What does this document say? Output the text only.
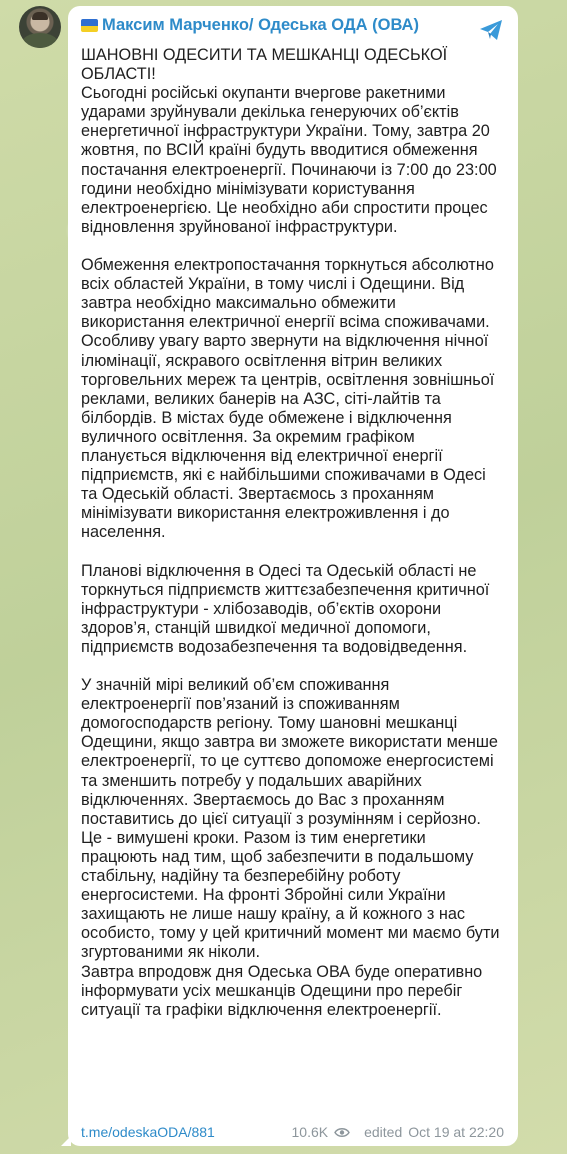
Максим Марченко/ Одеська ОДА (ОВА)

ШАНОВНІ ОДЕСИТИ ТА МЕШКАНЦІ ОДЕСЬКОЇ
ОБЛАСТІ!
Сьогодні російські окупанти вчергове ракетними
ударами зруйнували декілька генеруючих об’єктів
енергетичної інфраструктури України. Тому, завтра 20
жовтня, по ВСІЙ країні будуть вводитися обмеження
постачання електроенергії. Починаючи із 7:00 до 23:00
години необхідно мінімізувати користування
електроенергією. Це необхідно аби спростити процес
відновлення зруйнованої інфраструктури.

Обмеження електропостачання торкнуться абсолютно
всіх областей України, в тому числі і Одещини. Від
завтра необхідно максимально обмежити
використання електричної енергії всіма споживачами.
Особливу увагу варто звернути на відключення нічної
ілюмінації, яскравого освітлення вітрин великих
торговельних мереж та центрів, освітлення зовнішньої
реклами, великих банерів на АЗС, сіті-лайтів та
білбордів. В містах буде обмежене і відключення
вуличного освітлення. За окремим графіком
планується відключення від електричної енергії
підприємств, які є найбільшими споживачами в Одесі
та Одеській області. Звертаємось з проханням
мінімізувати використання електроживлення і до
населення.

Планові відключення в Одесі та Одеській області не
торкнуться підприємств життєзабезпечення критичної
інфраструктури - хлібозаводів, об’єктів охорони
здоров’я, станцій швидкої медичної допомоги,
підприємств водозабезпечення та водовідведення.

У значній мірі великий об’єм споживання
електроенергії пов’язаний із споживанням
домогосподарств регіону. Тому шановні мешканці
Одещини, якщо завтра ви зможете використати менше
електроенергії, то це суттєво допоможе енергосистемі
та зменшить потребу у подальших аварійних
відключеннях. Звертаємось до Вас з проханням
поставитись до цієї ситуації з розумінням і серйозно.
Це - вимушені кроки. Разом із тим енергетики
працюють над тим, щоб забезпечити в подальшому
стабільну, надійну та безперебійну роботу
енергосистеми. На фронті Збройні сили України
захищають не лише нашу країну, а й кожного з нас
особисто, тому у цей критичний момент ми маємо бути
згуртованими як ніколи.
Завтра впродовж дня Одеська ОВА буде оперативно
інформувати усіх мешканців Одещини про перебіг
ситуації та графіки відключення електроенергії.

t.me/odeskaODA/881	10.6K	edited Oct 19 at 22:20
